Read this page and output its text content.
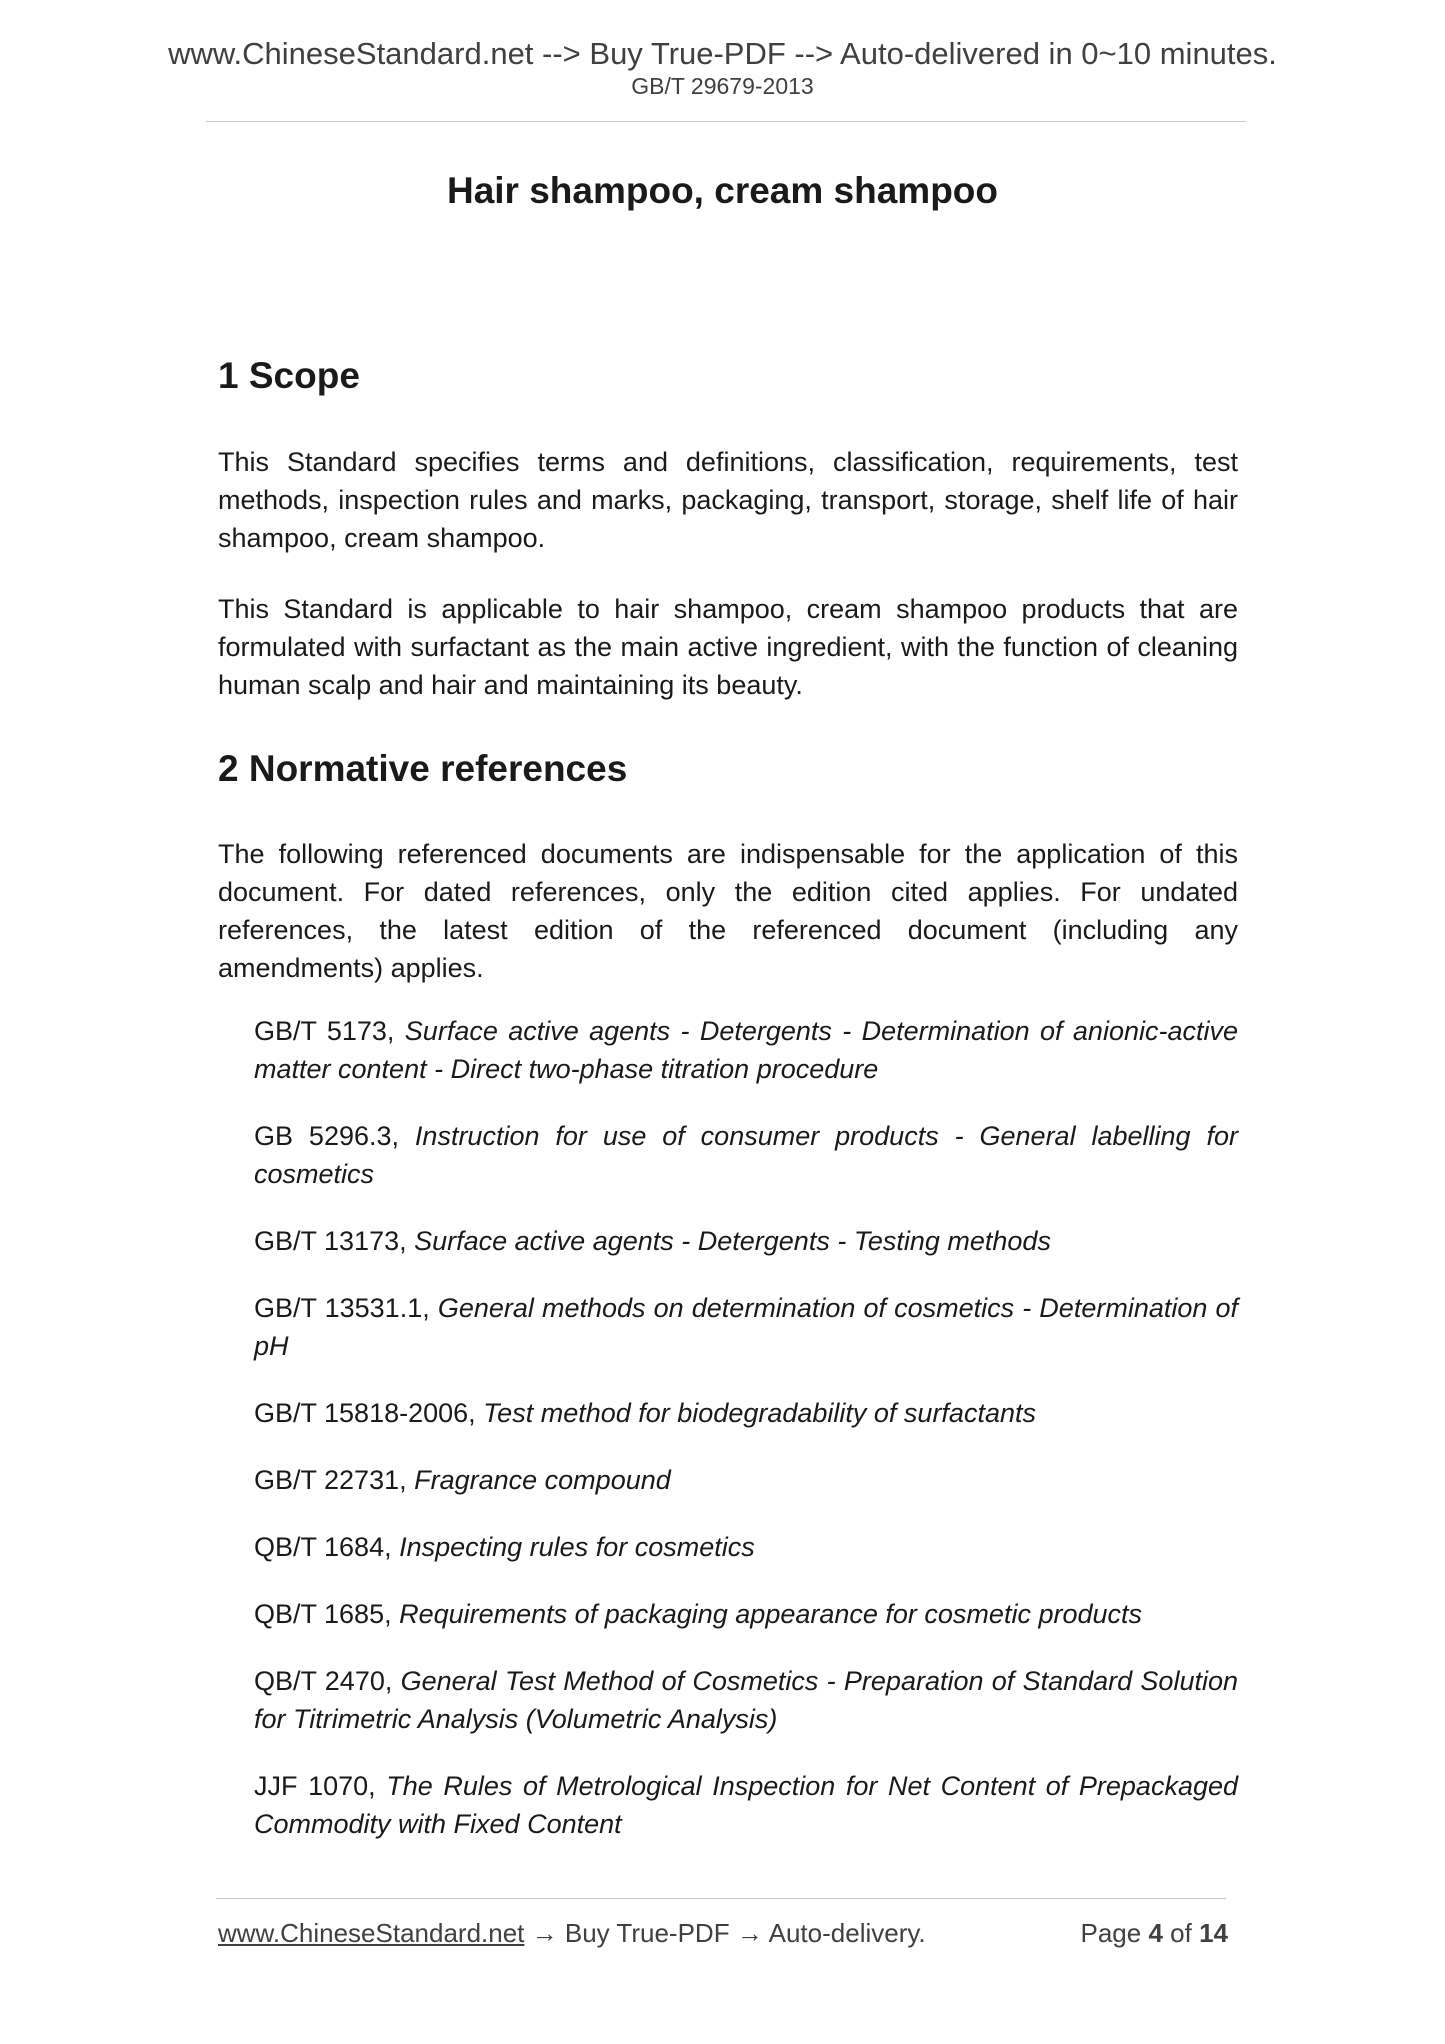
www.ChineseStandard.net --> Buy True-PDF --> Auto-delivered in 0~10 minutes.
GB/T 29679-2013
Hair shampoo, cream shampoo
1 Scope

This Standard specifies terms and definitions, classification, requirements, test methods, inspection rules and marks, packaging, transport, storage, shelf life of hair shampoo, cream shampoo.

This Standard is applicable to hair shampoo, cream shampoo products that are formulated with surfactant as the main active ingredient, with the function of cleaning human scalp and hair and maintaining its beauty.

2 Normative references

The following referenced documents are indispensable for the application of this document. For dated references, only the edition cited applies. For undated references, the latest edition of the referenced document (including any amendments) applies.

GB/T 5173, Surface active agents - Detergents - Determination of anionic-active matter content - Direct two-phase titration procedure

GB 5296.3, Instruction for use of consumer products - General labelling for cosmetics

GB/T 13173, Surface active agents - Detergents - Testing methods

GB/T 13531.1, General methods on determination of cosmetics - Determination of pH

GB/T 15818-2006, Test method for biodegradability of surfactants

GB/T 22731, Fragrance compound

QB/T 1684, Inspecting rules for cosmetics

QB/T 1685, Requirements of packaging appearance for cosmetic products

QB/T 2470, General Test Method of Cosmetics - Preparation of Standard Solution for Titrimetric Analysis (Volumetric Analysis)

JJF 1070, The Rules of Metrological Inspection for Net Content of Prepackaged Commodity with Fixed Content

www.ChineseStandard.net → Buy True-PDF → Auto-delivery.	Page 4 of 14
